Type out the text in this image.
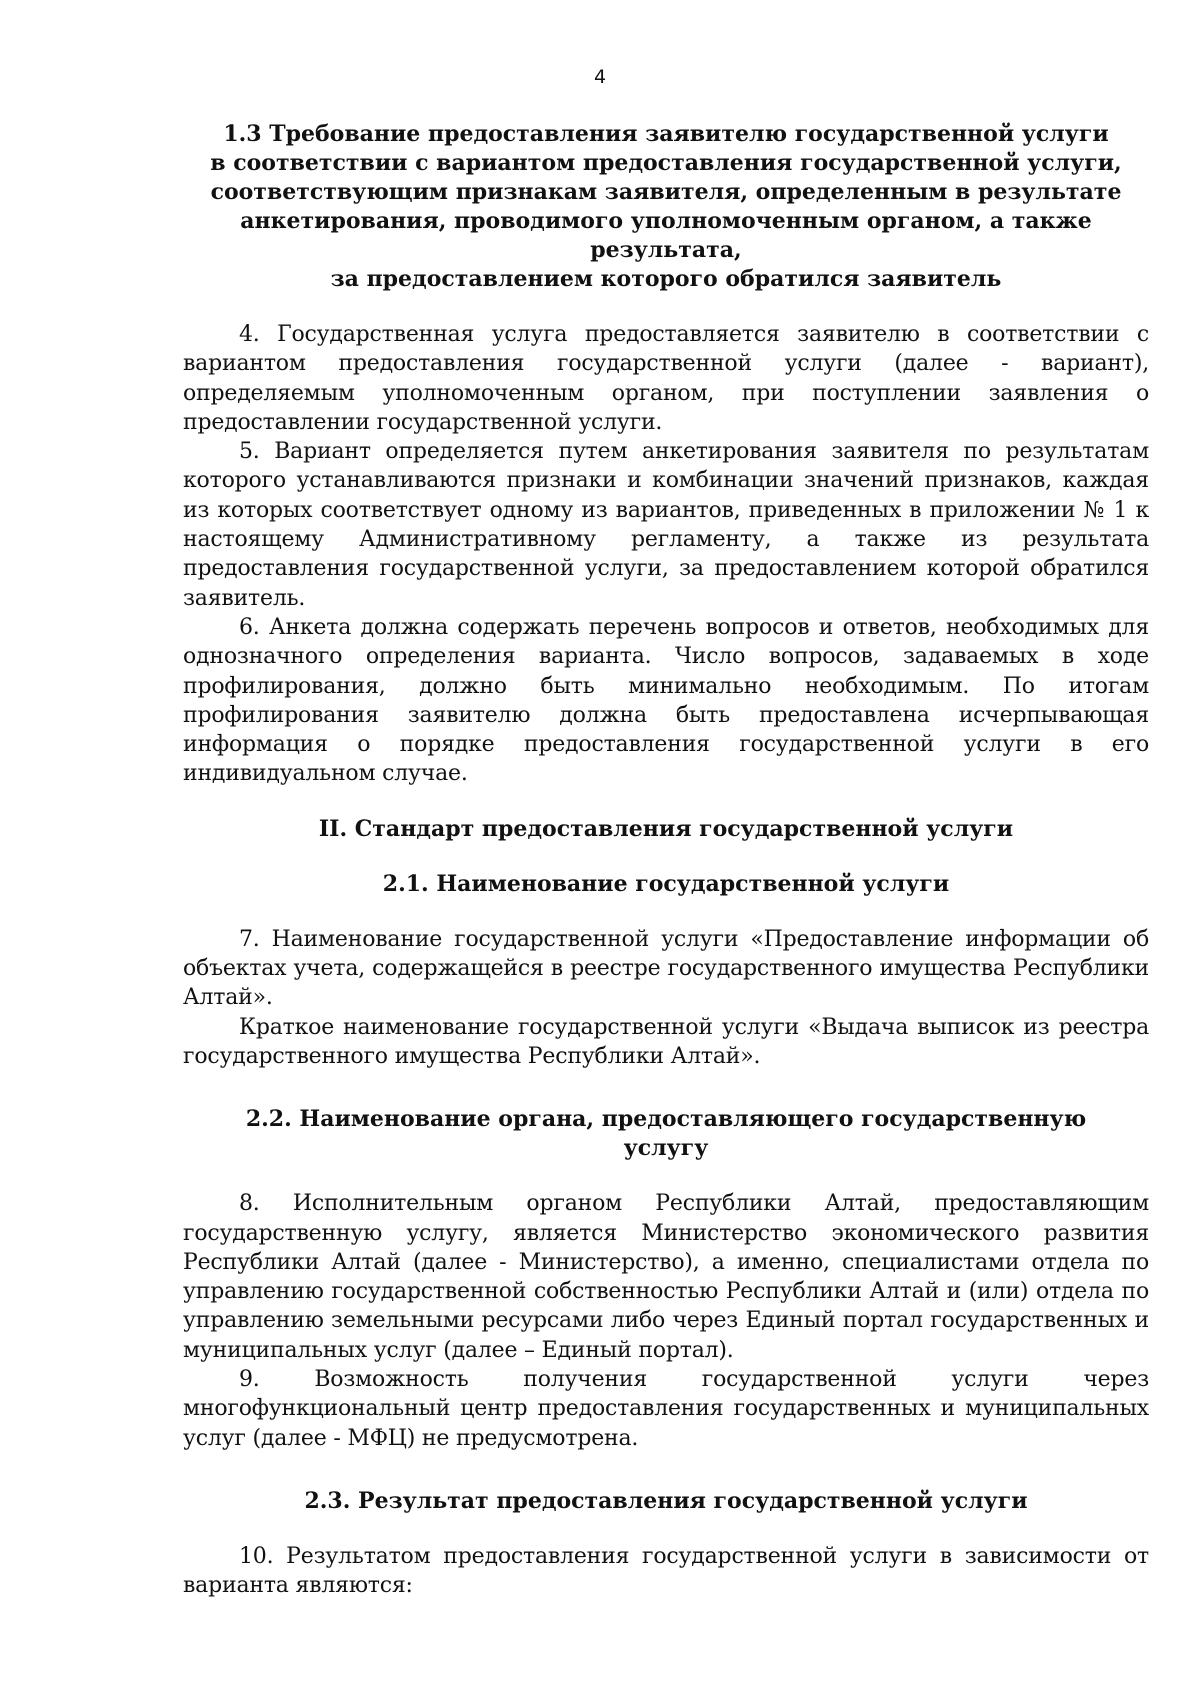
4
1.3 Требование предоставления заявителю государственной услуги
в соответствии с вариантом предоставления государственной услуги,
соответствующим признакам заявителя, определенным в результате
анкетирования, проводимого уполномоченным органом, а также результата,
за предоставлением которого обратился заявитель

4. Государственная услуга предоставляется заявителю в соответствии с вариантом предоставления государственной услуги (далее - вариант), определяемым уполномоченным органом, при поступлении заявления о предоставлении государственной услуги.

5. Вариант определяется путем анкетирования заявителя по результатам которого устанавливаются признаки и комбинации значений признаков, каждая из которых соответствует одному из вариантов, приведенных в приложении № 1 к настоящему Административному регламенту, а также из результата предоставления государственной услуги, за предоставлением которой обратился заявитель.

6. Анкета должна содержать перечень вопросов и ответов, необходимых для однозначного определения варианта. Число вопросов, задаваемых в ходе профилирования, должно быть минимально необходимым. По итогам профилирования заявителю должна быть предоставлена исчерпывающая информация о порядке предоставления государственной услуги в его индивидуальном случае.

II. Стандарт предоставления государственной услуги
2.1. Наименование государственной услуги

7. Наименование государственной услуги «Предоставление информации об объектах учета, содержащейся в реестре государственного имущества Республики Алтай».

Краткое наименование государственной услуги «Выдача выписок из реестра государственного имущества Республики Алтай».

2.2. Наименование органа, предоставляющего государственную
услугу

8. Исполнительным органом Республики Алтай, предоставляющим государственную услугу, является Министерство экономического развития Республики Алтай (далее - Министерство), а именно, специалистами отдела по управлению государственной собственностью Республики Алтай и (или) отдела по управлению земельными ресурсами либо через Единый портал государственных и муниципальных услуг (далее – Единый портал).

9. Возможность получения государственной услуги через многофункциональный центр предоставления государственных и муниципальных услуг (далее - МФЦ) не предусмотрена.

2.3. Результат предоставления государственной услуги

10. Результатом предоставления государственной услуги в зависимости от варианта являются:
